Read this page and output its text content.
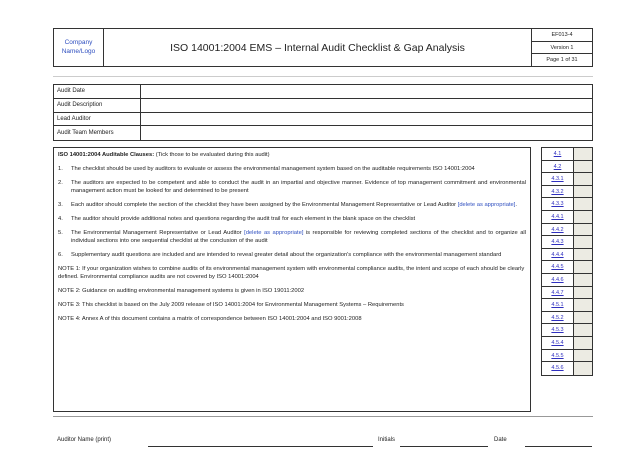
Company Name/Logo	ISO 14001:2004 EMS – Internal Audit Checklist & Gap Analysis
EF013-4
Version 1
Page 1 of 31
Audit Date
Audit Description
Lead Auditor
Audit Team Members

ISO 14001:2004 Auditable Clauses: (Tick those to be evaluated during this audit)

1.	The checklist should be used by auditors to evaluate or assess the environmental management system based on the auditable requirements ISO 14001:2004

2.	The auditors are expected to be competent and able to conduct the audit in an impartial and objective manner. Evidence of top management commitment and environmental management action must be looked for and determined to be present

3.	Each auditor should complete the section of the checklist they have been assigned by the Environmental Management Representative or Lead Auditor [delete as appropriate].

4.	The auditor should provide additional notes and questions regarding the audit trail for each element in the blank space on the checklist

5.	The Environmental Management Representative or Lead Auditor [delete as appropriate] is responsible for reviewing completed sections of the checklist and to organize all individual sections into one sequential checklist at the conclusion of the audit

6.	Supplementary audit questions are included and are intended to reveal greater detail about the organization's compliance with the environmental management standard

NOTE 1: If your organization wishes to combine audits of its environmental management system with environmental compliance audits, the intent and scope of each should be clearly defined. Environmental compliance audits are not covered by ISO 14001:2004

NOTE 2: Guidance on auditing environmental management systems is given in ISO 19011:2002

NOTE 3: This checklist is based on the July 2009 release of ISO 14001:2004 for Environmental Management Systems – Requirements

NOTE 4: Annex A of this document contains a matrix of correspondence between ISO 14001:2004 and ISO 9001:2008

4.1
4.2
4.3.1
4.3.2
4.3.3
4.4.1
4.4.2
4.4.3
4.4.4
4.4.5
4.4.6
4.4.7
4.5.1
4.5.2
4.5.3
4.5.4
4.5.5
4.5.6
Auditor Name (print)	Initials	Date
